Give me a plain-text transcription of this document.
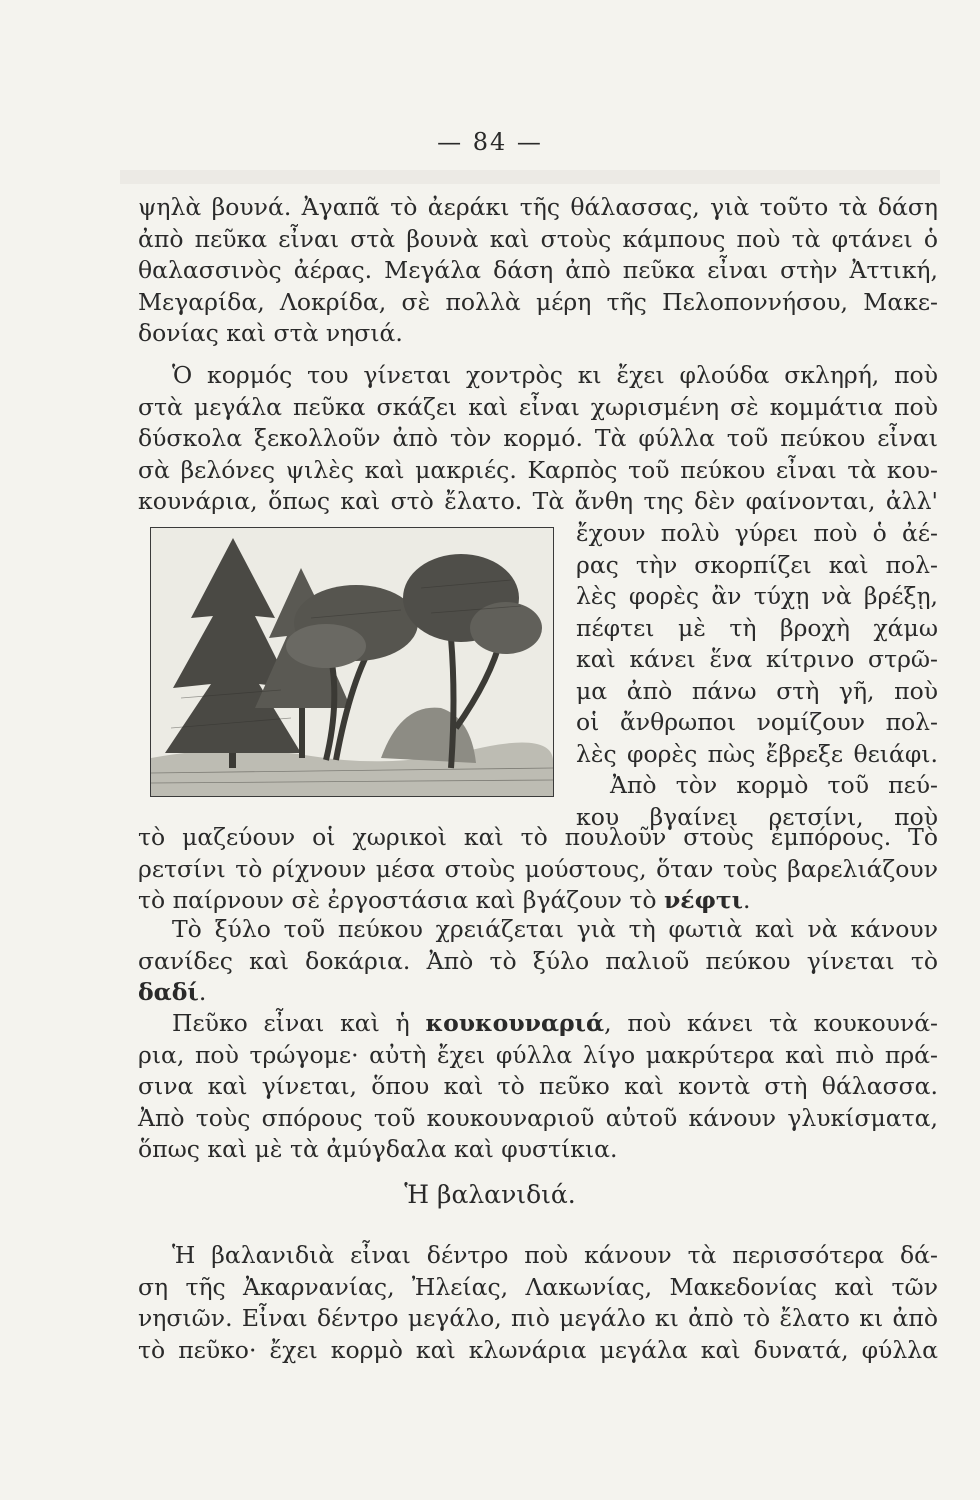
— 84 —
ψηλὰ βουνά. Ἀγαπᾶ τὸ ἀεράκι τῆς θάλασσας, γιὰ τοῦτο τὰ δάση
ἀπὸ πεῦκα εἶναι στὰ βουνὰ καὶ στοὺς κάμπους ποὺ τὰ φτάνει ὁ
θαλασσινὸς ἀέρας. Μεγάλα δάση ἀπὸ πεῦκα εἶναι στὴν Ἀττική,
Μεγαρίδα, Λοκρίδα, σὲ πολλὰ μέρη τῆς Πελοποννήσου, Μακε-
δονίας καὶ στὰ νησιά.
Ὁ κορμός του γίνεται χοντρὸς κι ἔχει φλούδα σκληρή, ποὺ
στὰ μεγάλα πεῦκα σκάζει καὶ εἶναι χωρισμένη σὲ κομμάτια ποὺ
δύσκολα ξεκολλοῦν ἀπὸ τὸν κορμό. Τὰ φύλλα τοῦ πεύκου εἶναι
σὰ βελόνες ψιλὲς καὶ μακριές. Καρπὸς τοῦ πεύκου εἶναι τὰ κου-
κουνάρια, ὅπως καὶ στὸ ἔλατο. Τὰ ἄνθη της δὲν φαίνονται, ἀλλ'
ἔχουν πολὺ γύρει ποὺ ὁ ἀέ-
ρας τὴν σκορπίζει καὶ πολ-
λὲς φορὲς ἂν τύχῃ νὰ βρέξῃ,
πέφτει μὲ τὴ βροχὴ χάμω
καὶ κάνει ἕνα κίτρινο στρῶ-
μα ἀπὸ πάνω στὴ γῆ, ποὺ
οἱ ἄνθρωποι νομίζουν πολ-
λὲς φορὲς πὼς ἔβρεξε θειάφι.
Ἀπὸ τὸν κορμὸ τοῦ πεύ-
κου βγαίνει ρετσίνι, ποὺ
τὸ μαζεύουν οἱ χωρικοὶ καὶ τὸ πουλοῦν στοὺς ἐμπόρους. Τὸ
ρετσίνι τὸ ρίχνουν μέσα στοὺς μούστους, ὅταν τοὺς βαρελιάζουν
τὸ παίρνουν σὲ ἐργοστάσια καὶ βγάζουν τὸ νέφτι.
Τὸ ξύλο τοῦ πεύκου χρειάζεται γιὰ τὴ φωτιὰ καὶ νὰ κάνουν
σανίδες καὶ δοκάρια. Ἀπὸ τὸ ξύλο παλιοῦ πεύκου γίνεται τὸ
δαδί.
Πεῦκο εἶναι καὶ ἡ κουκουναριά, ποὺ κάνει τὰ κουκουνά-
ρια, ποὺ τρώγομε· αὐτὴ ἔχει φύλλα λίγο μακρύτερα καὶ πιὸ πρά-
σινα καὶ γίνεται, ὅπου καὶ τὸ πεῦκο καὶ κοντὰ στὴ θάλασσα.
Ἀπὸ τοὺς σπόρους τοῦ κουκουναριοῦ αὐτοῦ κάνουν γλυκίσματα,
ὅπως καὶ μὲ τὰ ἀμύγδαλα καὶ φυστίκια.
Ἡ βαλανιδιά.
Ἡ βαλανιδιὰ εἶναι δέντρο ποὺ κάνουν τὰ περισσότερα δά-
ση τῆς Ἀκαρνανίας, Ἠλείας, Λακωνίας, Μακεδονίας καὶ τῶν
νησιῶν. Εἶναι δέντρο μεγάλο, πιὸ μεγάλο κι ἀπὸ τὸ ἔλατο κι ἀπὸ
τὸ πεῦκο· ἔχει κορμὸ καὶ κλωνάρια μεγάλα καὶ δυνατά, φύλλα
